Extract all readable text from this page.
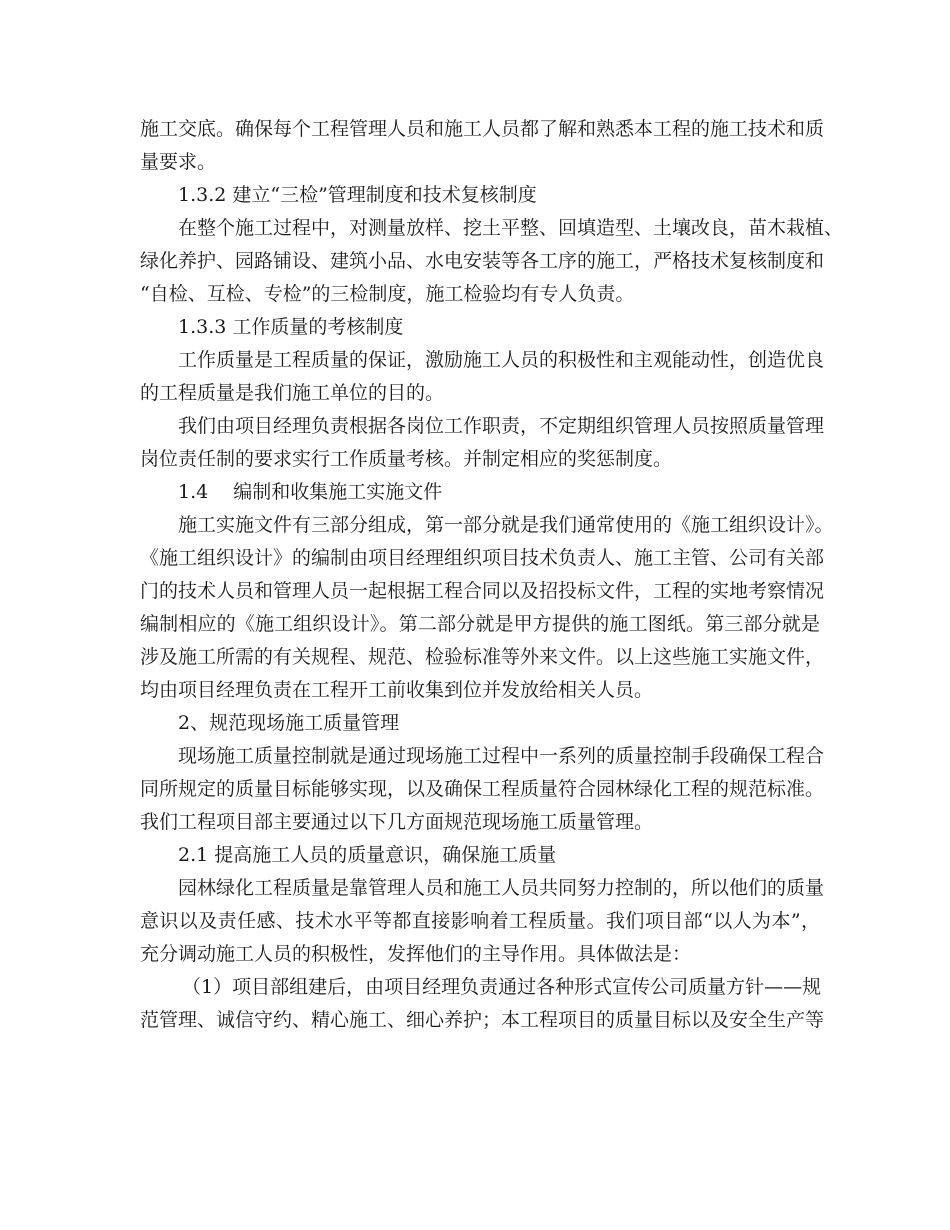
施工交底。确保每个工程管理人员和施工人员都了解和熟悉本工程的施工技术和质
量要求。
1.3.2 建立“三检”管理制度和技术复核制度
在整个施工过程中，对测量放样、挖土平整、回填造型、土壤改良，苗木栽植、
绿化养护、园路铺设、建筑小品、水电安装等各工序的施工，严格技术复核制度和
“自检、互检、专检”的三检制度，施工检验均有专人负责。
1.3.3 工作质量的考核制度
工作质量是工程质量的保证，激励施工人员的积极性和主观能动性，创造优良
的工程质量是我们施工单位的目的。
我们由项目经理负责根据各岗位工作职责，不定期组织管理人员按照质量管理
岗位责任制的要求实行工作质量考核。并制定相应的奖惩制度。
1.4　 编制和收集施工实施文件
施工实施文件有三部分组成，第一部分就是我们通常使用的《施工组织设计》。
《施工组织设计》的编制由项目经理组织项目技术负责人、施工主管、公司有关部
门的技术人员和管理人员一起根据工程合同以及招投标文件，工程的实地考察情况
编制相应的《施工组织设计》。第二部分就是甲方提供的施工图纸。第三部分就是
涉及施工所需的有关规程、规范、检验标准等外来文件。以上这些施工实施文件，
均由项目经理负责在工程开工前收集到位并发放给相关人员。
2、规范现场施工质量管理
现场施工质量控制就是通过现场施工过程中一系列的质量控制手段确保工程合
同所规定的质量目标能够实现，以及确保工程质量符合园林绿化工程的规范标准。
我们工程项目部主要通过以下几方面规范现场施工质量管理。
2.1 提高施工人员的质量意识，确保施工质量
园林绿化工程质量是靠管理人员和施工人员共同努力控制的，所以他们的质量
意识以及责任感、技术水平等都直接影响着工程质量。我们项目部“以人为本”，
充分调动施工人员的积极性，发挥他们的主导作用。具体做法是：
（1）项目部组建后，由项目经理负责通过各种形式宣传公司质量方针——规
范管理、诚信守约、精心施工、细心养护；本工程项目的质量目标以及安全生产等
